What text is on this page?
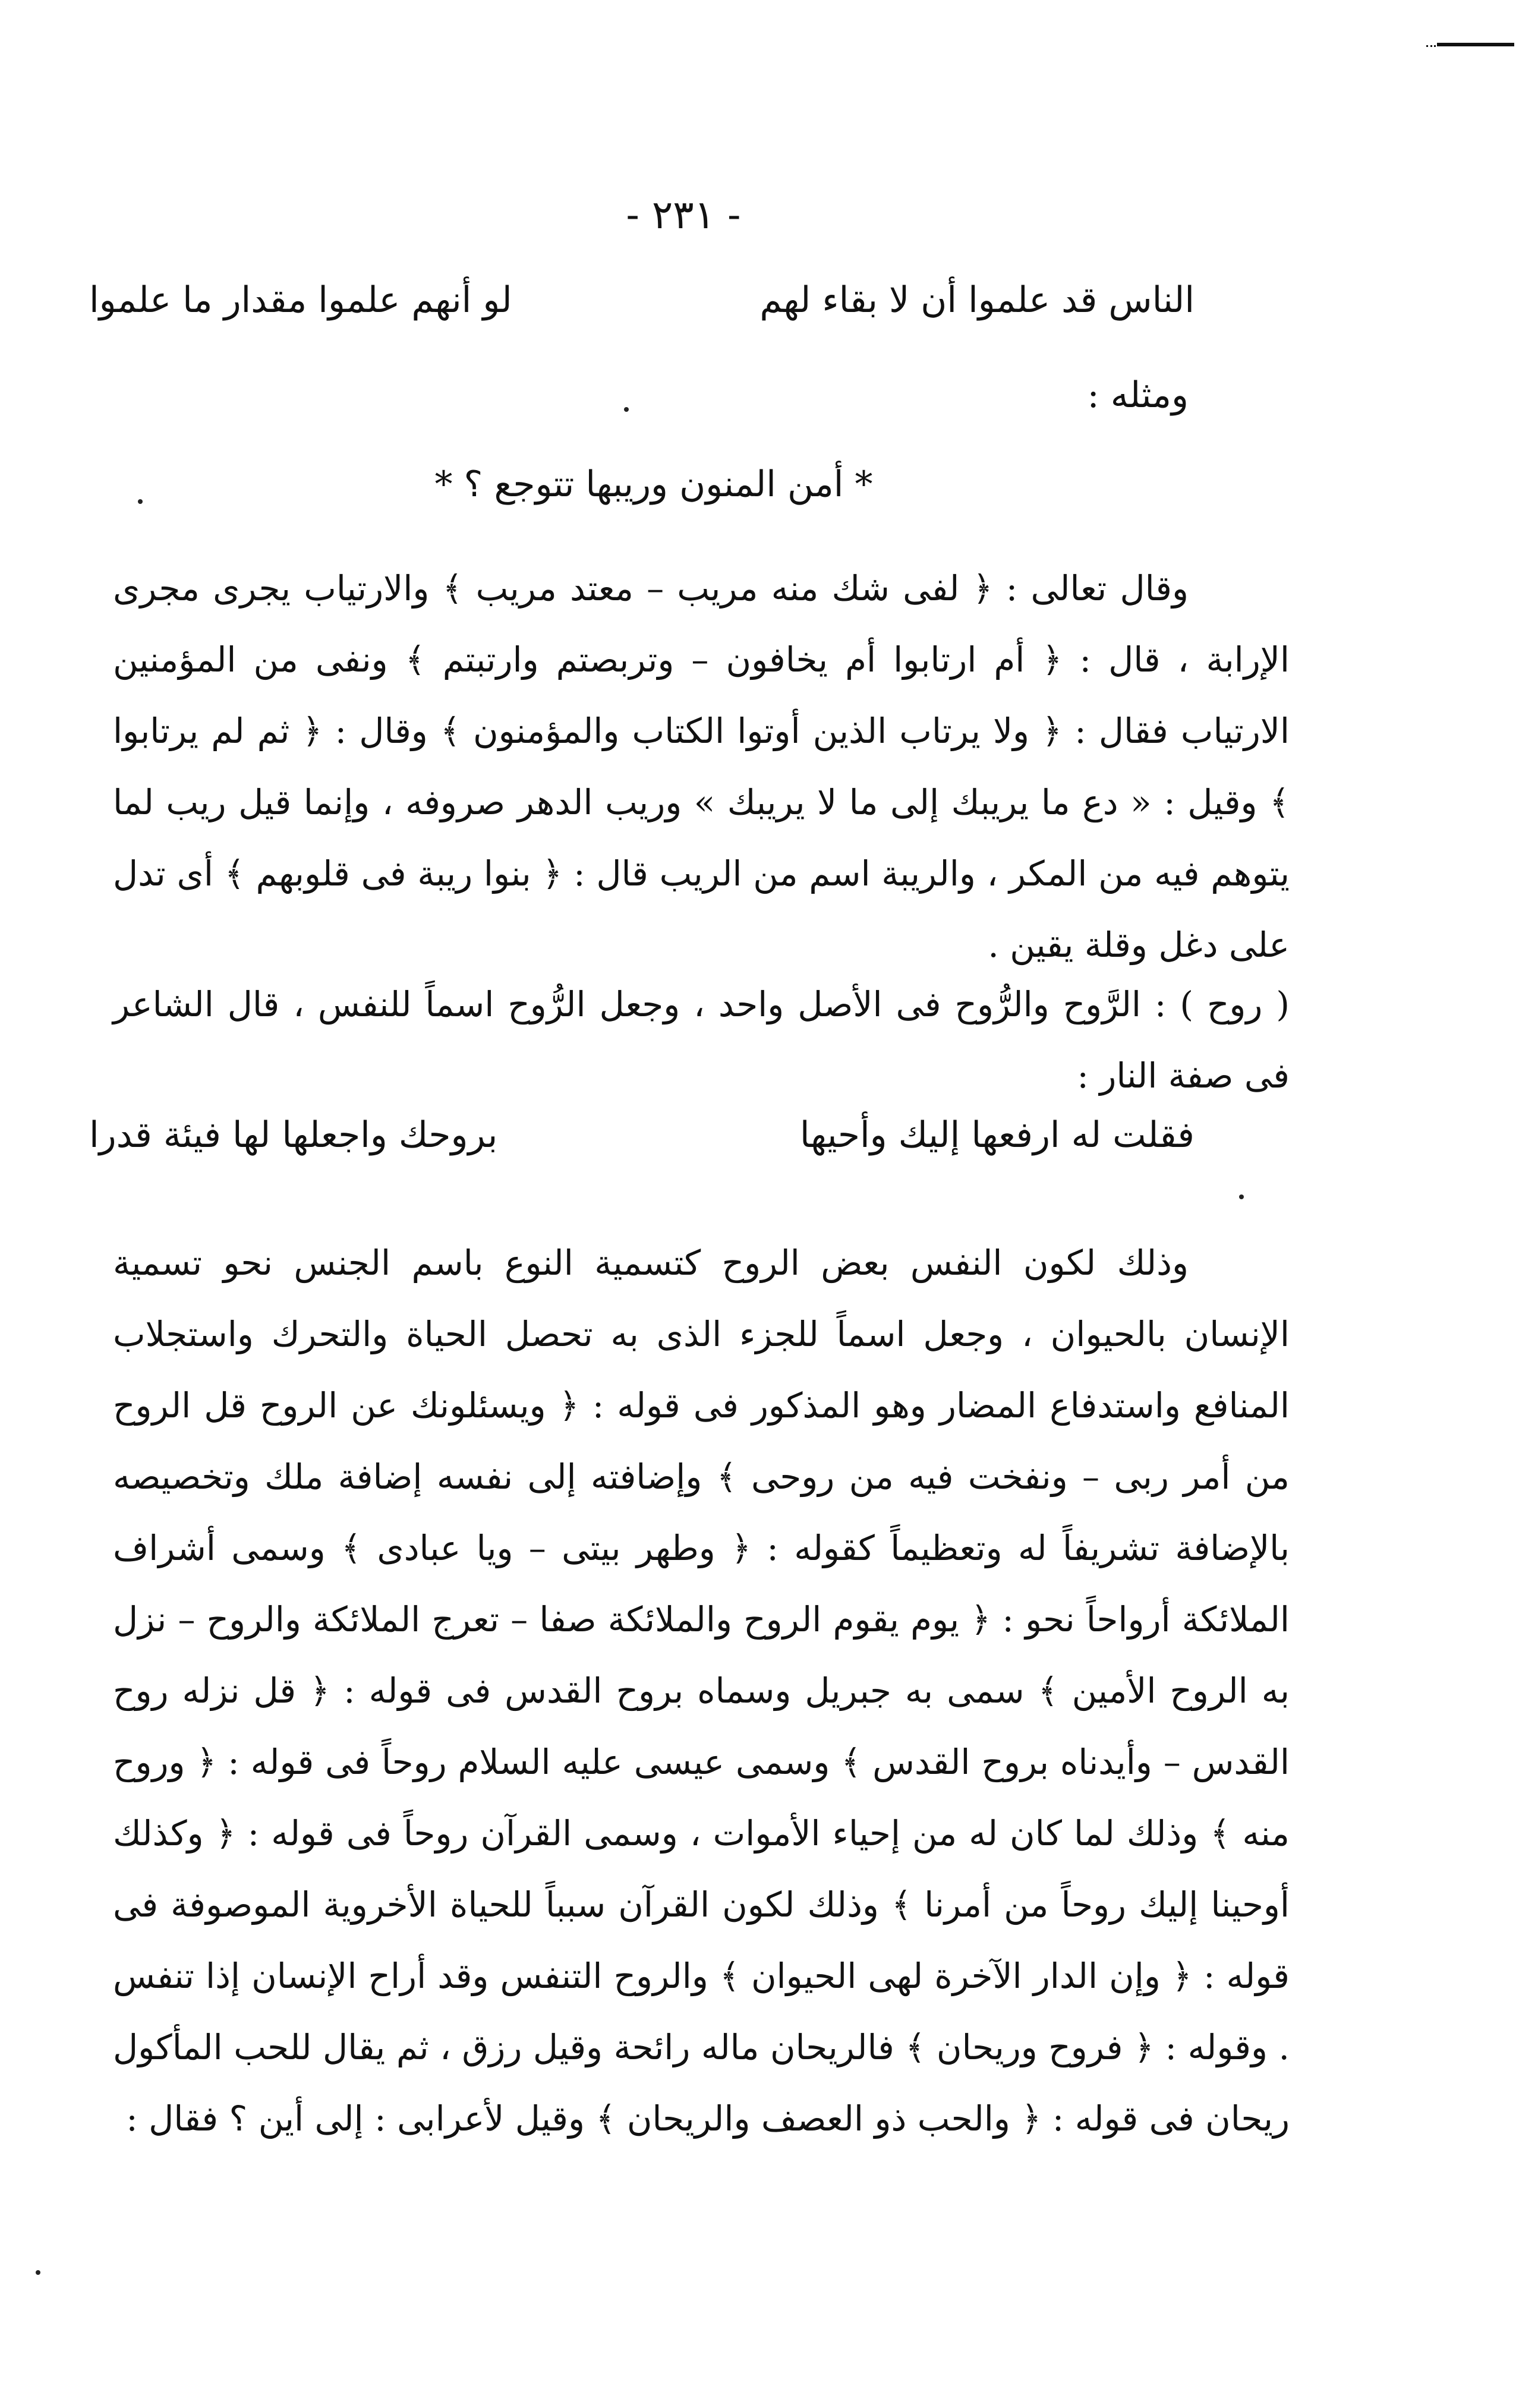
- ٢٣١ -
الناس قد علموا أن لا بقاء لهم
لو أنهم علموا مقدار ما علموا
ومثله :
* أمن المنون وريبها تتوجع ؟ *
وقال تعالى : ﴿ لفى شك منه مريب – معتد مريب ﴾ والارتياب يجرى مجرى الإرابة ، قال : ﴿ أم ارتابوا أم يخافون – وتربصتم وارتبتم ﴾ ونفى من المؤمنين الارتياب فقال : ﴿ ولا يرتاب الذين أوتوا الكتاب والمؤمنون ﴾ وقال : ﴿ ثم لم يرتابوا ﴾ وقيل : « دع ما يريبك إلى ما لا يريبك » وريب الدهر صروفه ، وإنما قيل ريب لما يتوهم فيه من المكر ، والريبة اسم من الريب قال : ﴿ بنوا ريبة فى قلوبهم ﴾ أى تدل على دغل وقلة يقين .
( روح ) : الرَّوح والرُّوح فى الأصل واحد ، وجعل الرُّوح اسماً للنفس ، قال الشاعر فى صفة النار :
فقلت له ارفعها إليك وأحيها
بروحك واجعلها لها فيئة قدرا
وذلك لكون النفس بعض الروح كتسمية النوع باسم الجنس نحو تسمية الإنسان بالحيوان ، وجعل اسماً للجزء الذى به تحصل الحياة والتحرك واستجلاب المنافع واستدفاع المضار وهو المذكور فى قوله : ﴿ ويسئلونك عن الروح قل الروح من أمر ربى – ونفخت فيه من روحى ﴾ وإضافته إلى نفسه إضافة ملك وتخصيصه بالإضافة تشريفاً له وتعظيماً كقوله : ﴿ وطهر بيتى – ويا عبادى ﴾ وسمى أشراف الملائكة أرواحاً نحو : ﴿ يوم يقوم الروح والملائكة صفا – تعرج الملائكة والروح – نزل به الروح الأمين ﴾ سمى به جبريل وسماه بروح القدس فى قوله : ﴿ قل نزله روح القدس – وأيدناه بروح القدس ﴾ وسمى عيسى عليه السلام روحاً فى قوله : ﴿ وروح منه ﴾ وذلك لما كان له من إحياء الأموات ، وسمى القرآن روحاً فى قوله : ﴿ وكذلك أوحينا إليك روحاً من أمرنا ﴾ وذلك لكون القرآن سبباً للحياة الأخروية الموصوفة فى قوله : ﴿ وإن الدار الآخرة لهى الحيوان ﴾ والروح التنفس وقد أراح الإنسان إذا تنفس . وقوله : ﴿ فروح وريحان ﴾ فالريحان ماله رائحة وقيل رزق ، ثم يقال للحب المأكول ريحان فى قوله : ﴿ والحب ذو العصف والريحان ﴾ وقيل لأعرابى : إلى أين ؟ فقال :
